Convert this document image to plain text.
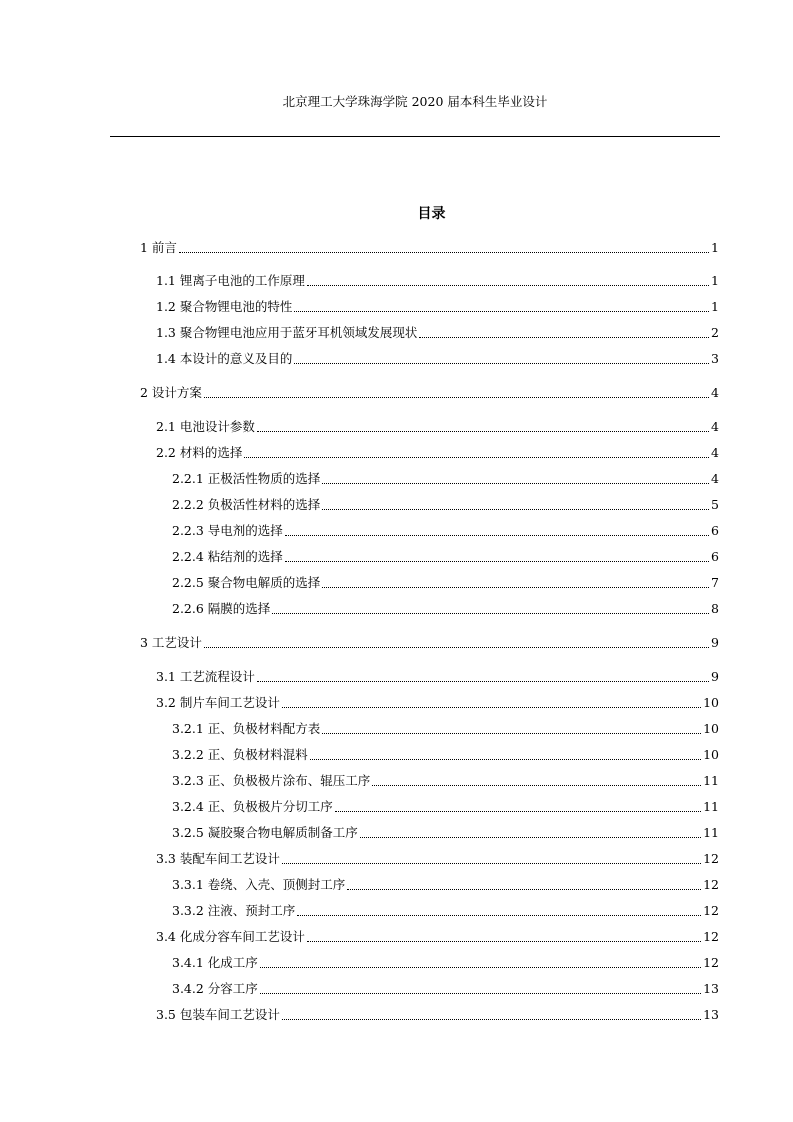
北京理工大学珠海学院 2020 届本科生毕业设计
目录
1 前言	1
1.1 锂离子电池的工作原理	1
1.2 聚合物锂电池的特性	1
1.3 聚合物锂电池应用于蓝牙耳机领域发展现状	2
1.4 本设计的意义及目的	3
2 设计方案	4
2.1 电池设计参数	4
2.2 材料的选择	4
2.2.1 正极活性物质的选择	4
2.2.2 负极活性材料的选择	5
2.2.3 导电剂的选择	6
2.2.4 粘结剂的选择	6
2.2.5 聚合物电解质的选择	7
2.2.6 隔膜的选择	8
3 工艺设计	9
3.1 工艺流程设计	9
3.2 制片车间工艺设计	10
3.2.1 正、负极材料配方表	10
3.2.2 正、负极材料混料	10
3.2.3 正、负极极片涂布、辊压工序	11
3.2.4 正、负极极片分切工序	11
3.2.5 凝胶聚合物电解质制备工序	11
3.3 装配车间工艺设计	12
3.3.1 卷绕、入壳、顶侧封工序	12
3.3.2 注液、预封工序	12
3.4 化成分容车间工艺设计	12
3.4.1 化成工序	12
3.4.2 分容工序	13
3.5 包装车间工艺设计	13
